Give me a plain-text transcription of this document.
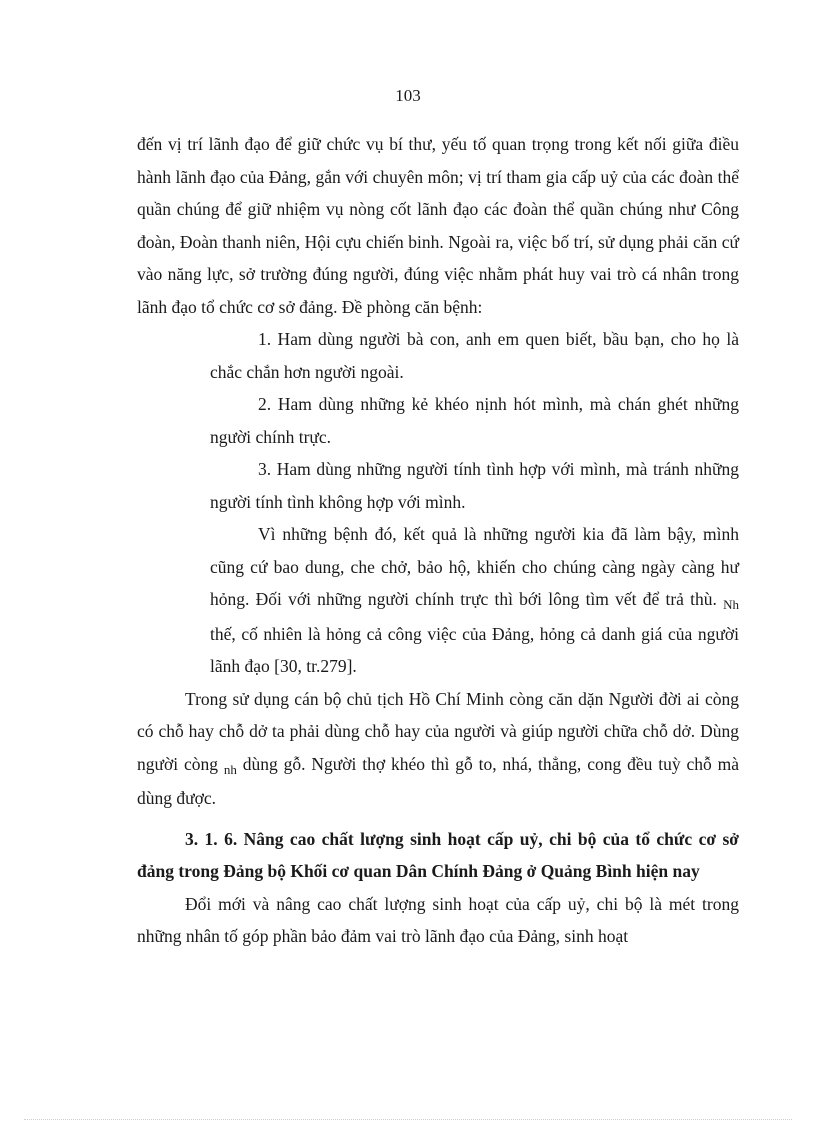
103

đến vị trí lãnh đạo để giữ chức vụ bí thư, yếu tố quan trọng trong kết nối giữa điều hành lãnh đạo của Đảng, gắn với chuyên môn; vị trí tham gia cấp uỷ của các đoàn thể quần chúng để giữ nhiệm vụ nòng cốt lãnh đạo các đoàn thể quần chúng như Công đoàn, Đoàn thanh niên, Hội cựu chiến binh. Ngoài ra, việc bố trí, sử dụng phải căn cứ vào năng lực, sở trường đúng người, đúng việc nhằm phát huy vai trò cá nhân trong lãnh đạo tổ chức cơ sở đảng. Đề phòng căn bệnh:

1. Ham dùng người bà con, anh em quen biết, bầu bạn, cho họ là chắc chắn hơn người ngoài.

2. Ham dùng những kẻ khéo nịnh hót mình, mà chán ghét những người chính trực.

3. Ham dùng những người tính tình hợp với mình, mà tránh những người tính tình không hợp với mình.

Vì những bệnh đó, kết quả là những người kia đã làm bậy, mình cũng cứ bao dung, che chở, bảo hộ, khiến cho chúng càng ngày càng hư hỏng. Đối với những người chính trực thì bới lông tìm vết để trả thù. $_{Nh}$ thế, cố nhiên là hỏng cả công việc của Đảng, hỏng cả danh giá của người lãnh đạo [30, tr.279].

Trong sử dụng cán bộ chủ tịch Hồ Chí Minh còng căn dặn Người đời ai còng có chỗ hay chỗ dở ta phải dùng chỗ hay của người và giúp người chữa chỗ dở. Dùng người còng $_{nh}$ dùng gỗ. Người thợ khéo thì gỗ to, nhá, thẳng, cong đều tuỳ chỗ mà dùng được.

3. 1. 6. Nâng cao chất lượng sinh hoạt cấp uỷ, chi bộ của tổ chức cơ sở đảng trong Đảng bộ Khối cơ quan Dân Chính Đảng ở Quảng Bình hiện nay

Đổi mới và nâng cao chất lượng sinh hoạt của cấp uỷ, chi bộ là mét trong những nhân tố góp phần bảo đảm vai trò lãnh đạo của Đảng, sinh hoạt
